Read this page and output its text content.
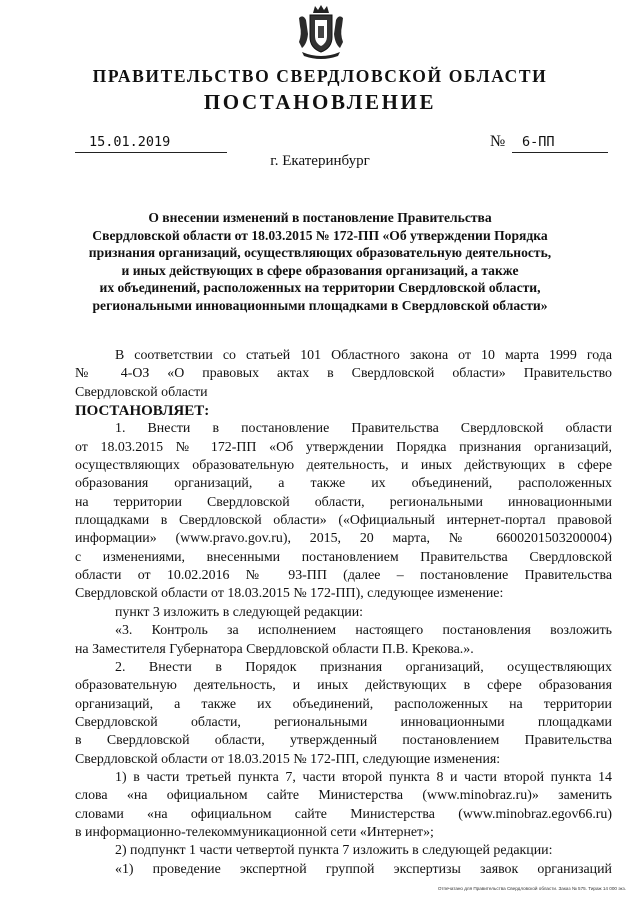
ПРАВИТЕЛЬСТВО СВЕРДЛОВСКОЙ ОБЛАСТИ
ПОСТАНОВЛЕНИЕ
15.01.2019	№ 6-ПП
г. Екатеринбург
О внесении изменений в постановление Правительства
Свердловской области от 18.03.2015 № 172-ПП «Об утверждении Порядка
признания организаций, осуществляющих образовательную деятельность,
и иных действующих в сфере образования организаций, а также
их объединений, расположенных на территории Свердловской области,
региональными инновационными площадками в Свердловской области»
В соответствии со статьей 101 Областного закона от 10 марта 1999 года
№ 4-ОЗ «О правовых актах в Свердловской области» Правительство
Свердловской области
ПОСТАНОВЛЯЕТ:
1. Внести в постановление Правительства Свердловской области
от 18.03.2015 № 172-ПП «Об утверждении Порядка признания организаций,
осуществляющих образовательную деятельность, и иных действующих в сфере
образования организаций, а также их объединений, расположенных
на территории Свердловской области, региональными инновационными
площадками в Свердловской области» («Официальный интернет-портал правовой
информации» (www.pravo.gov.ru), 2015, 20 марта, № 6600201503200004)
с изменениями, внесенными постановлением Правительства Свердловской
области от 10.02.2016 № 93-ПП (далее – постановление Правительства
Свердловской области от 18.03.2015 № 172-ПП), следующее изменение:
пункт 3 изложить в следующей редакции:
«3. Контроль за исполнением настоящего постановления возложить
на Заместителя Губернатора Свердловской области П.В. Крекова.».
2. Внести в Порядок признания организаций, осуществляющих
образовательную деятельность, и иных действующих в сфере образования
организаций, а также их объединений, расположенных на территории
Свердловской области, региональными инновационными площадками
в Свердловской области, утвержденный постановлением Правительства
Свердловской области от 18.03.2015 № 172-ПП, следующие изменения:
1) в части третьей пункта 7, части второй пункта 8 и части второй пункта 14
слова «на официальном сайте Министерства (www.minobraz.ru)» заменить
словами «на официальном сайте Министерства (www.minobraz.egov66.ru)
в информационно-телекоммуникационной сети «Интернет»;
2) подпункт 1 части четвертой пункта 7 изложить в следующей редакции:
«1) проведение экспертной группой экспертизы заявок организаций
Отпечатано для Правительства Свердловской области. Заказ № 575. Тираж 14 000 экз.
